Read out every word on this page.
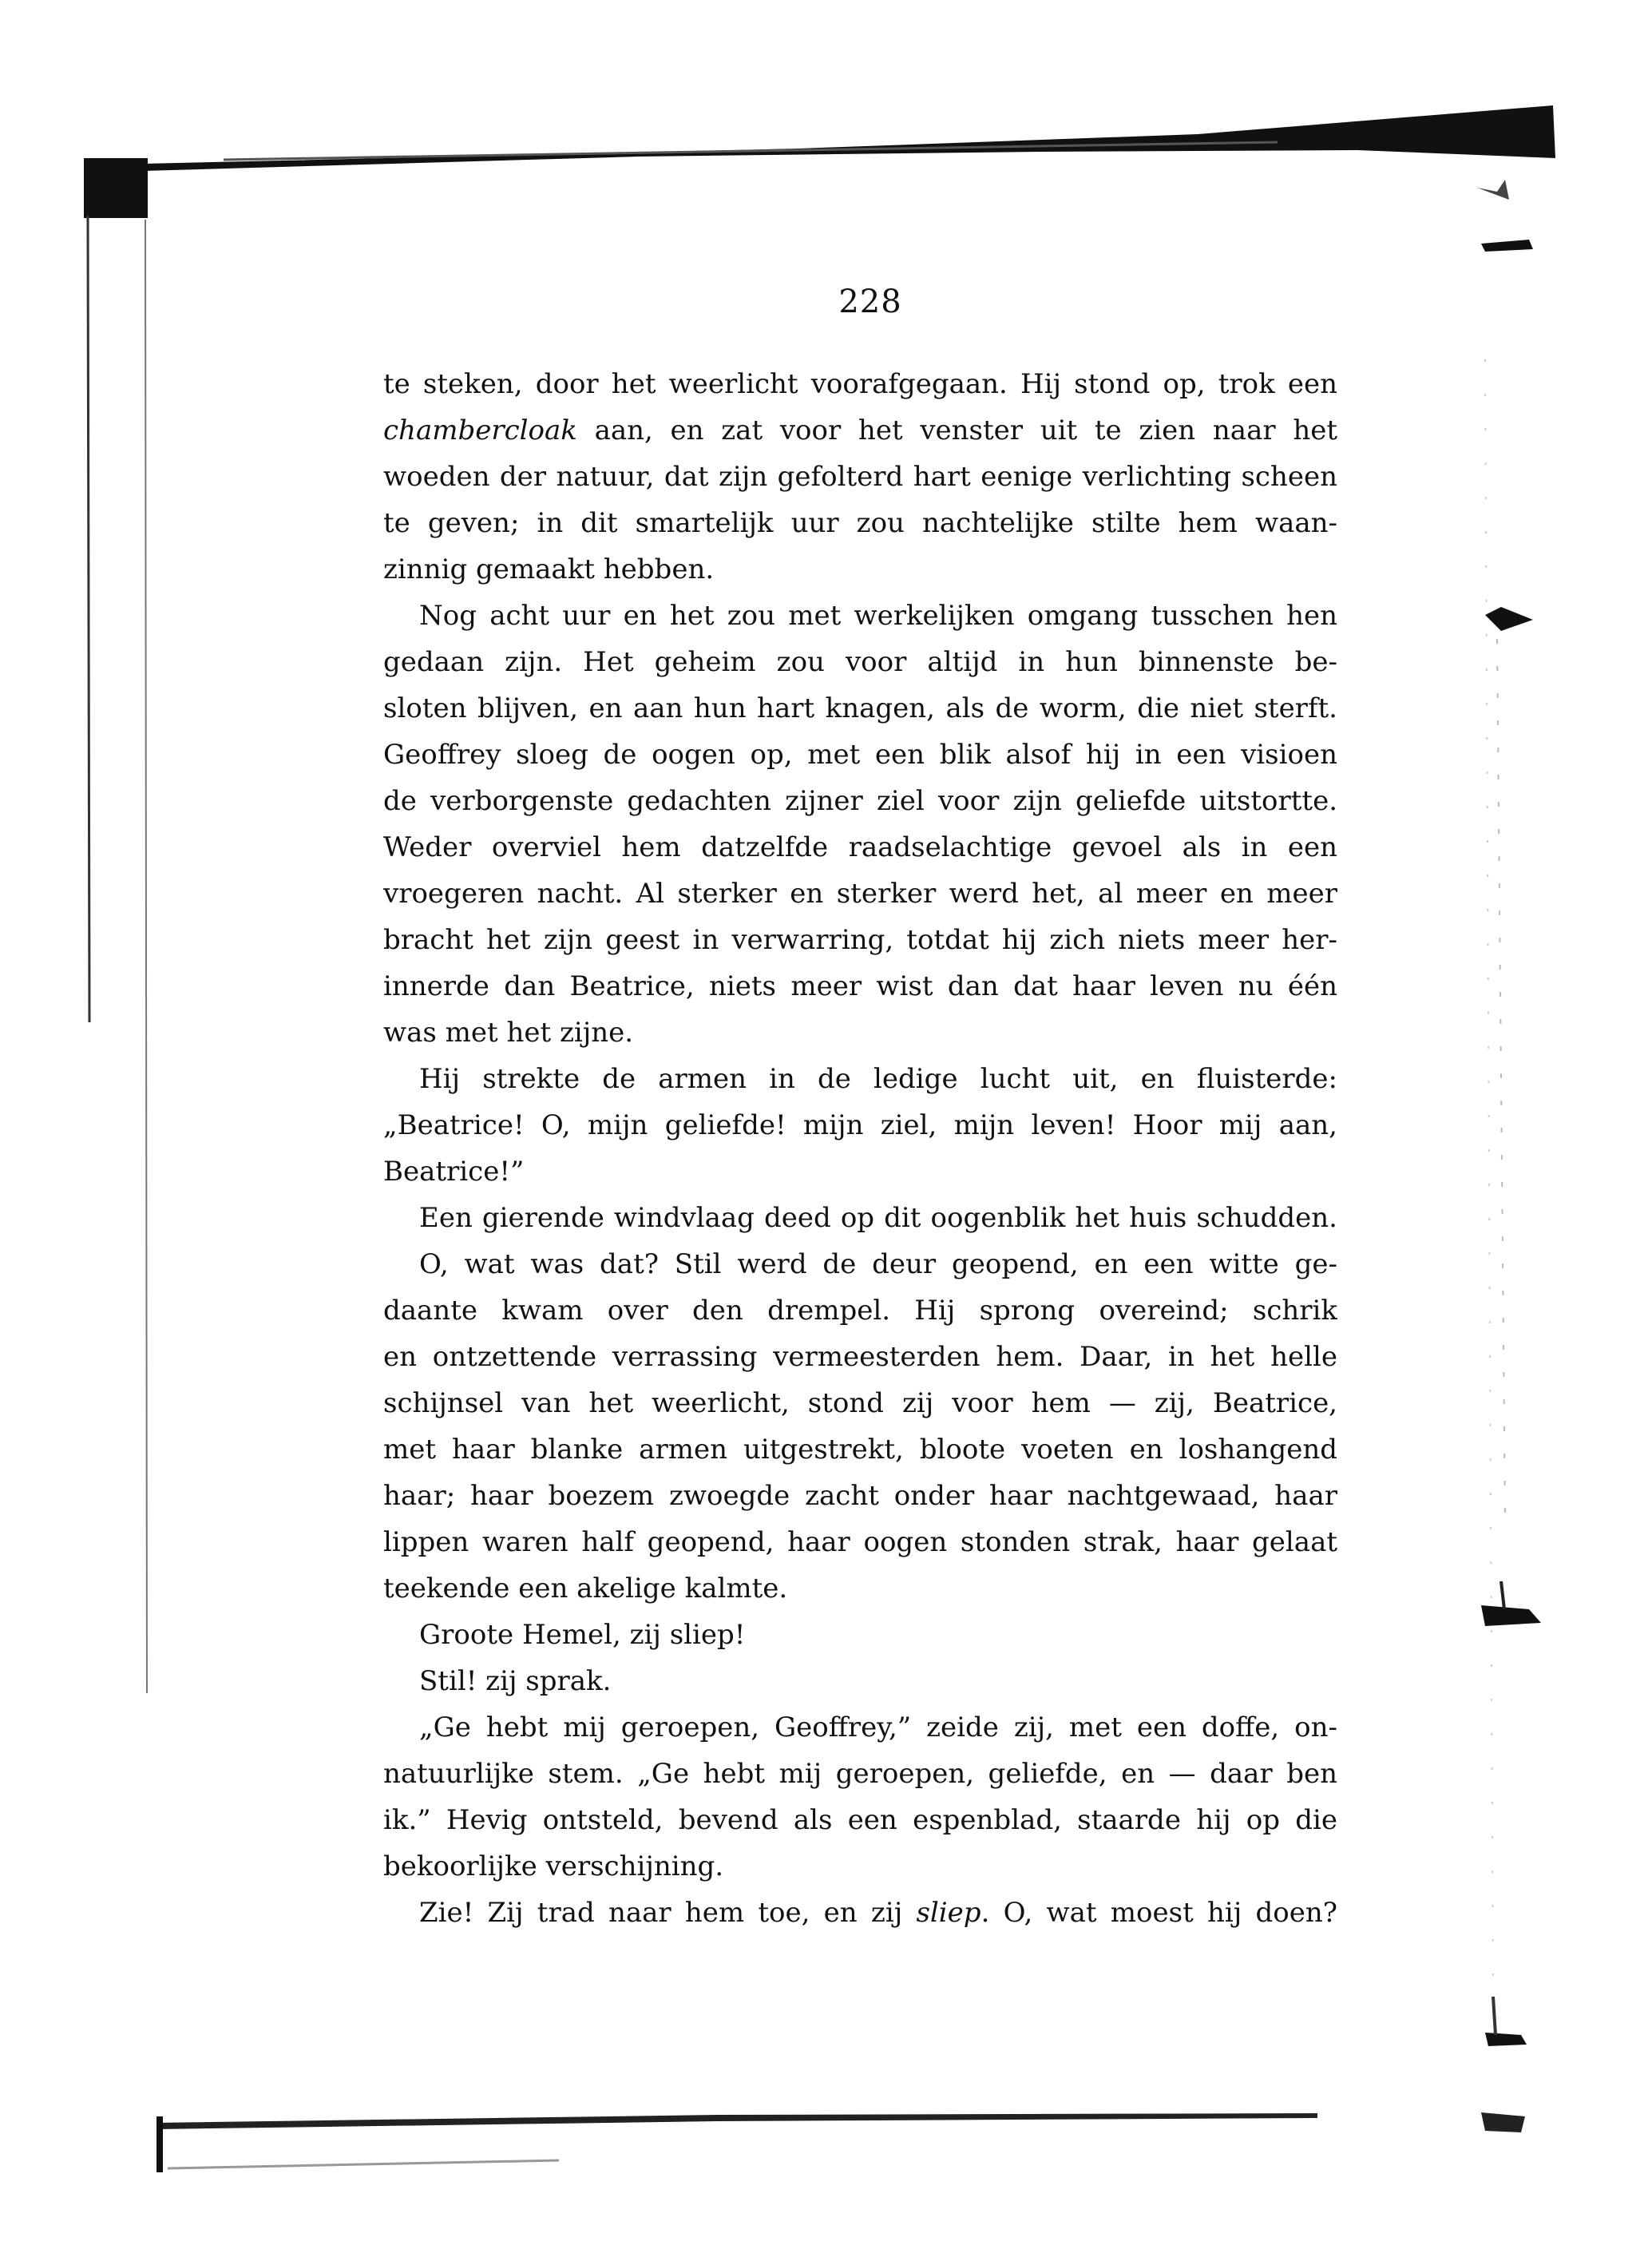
228
te steken, door het weerlicht voorafgegaan. Hij stond op, trok een
chambercloak aan, en zat voor het venster uit te zien naar het
woeden der natuur, dat zijn gefolterd hart eenige verlichting scheen
te geven; in dit smartelijk uur zou nachtelijke stilte hem waan-
zinnig gemaakt hebben.
Nog acht uur en het zou met werkelijken omgang tusschen hen
gedaan zijn. Het geheim zou voor altijd in hun binnenste be-
sloten blijven, en aan hun hart knagen, als de worm, die niet sterft.
Geoffrey sloeg de oogen op, met een blik alsof hij in een visioen
de verborgenste gedachten zijner ziel voor zijn geliefde uitstortte.
Weder overviel hem datzelfde raadselachtige gevoel als in een
vroegeren nacht. Al sterker en sterker werd het, al meer en meer
bracht het zijn geest in verwarring, totdat hij zich niets meer her-
innerde dan Beatrice, niets meer wist dan dat haar leven nu één
was met het zijne.
Hij strekte de armen in de ledige lucht uit, en fluisterde:
„Beatrice! O, mijn geliefde! mijn ziel, mijn leven! Hoor mij aan,
Beatrice!”
Een gierende windvlaag deed op dit oogenblik het huis schudden.
O, wat was dat? Stil werd de deur geopend, en een witte ge-
daante kwam over den drempel. Hij sprong overeind; schrik
en ontzettende verrassing vermeesterden hem. Daar, in het helle
schijnsel van het weerlicht, stond zij voor hem — zij, Beatrice,
met haar blanke armen uitgestrekt, bloote voeten en loshangend
haar; haar boezem zwoegde zacht onder haar nachtgewaad, haar
lippen waren half geopend, haar oogen stonden strak, haar gelaat
teekende een akelige kalmte.
Groote Hemel, zij sliep!
Stil! zij sprak.
„Ge hebt mij geroepen, Geoffrey,” zeide zij, met een doffe, on-
natuurlijke stem. „Ge hebt mij geroepen, geliefde, en — daar ben
ik.” Hevig ontsteld, bevend als een espenblad, staarde hij op die
bekoorlijke verschijning.
Zie! Zij trad naar hem toe, en zij sliep. O, wat moest hij doen?
